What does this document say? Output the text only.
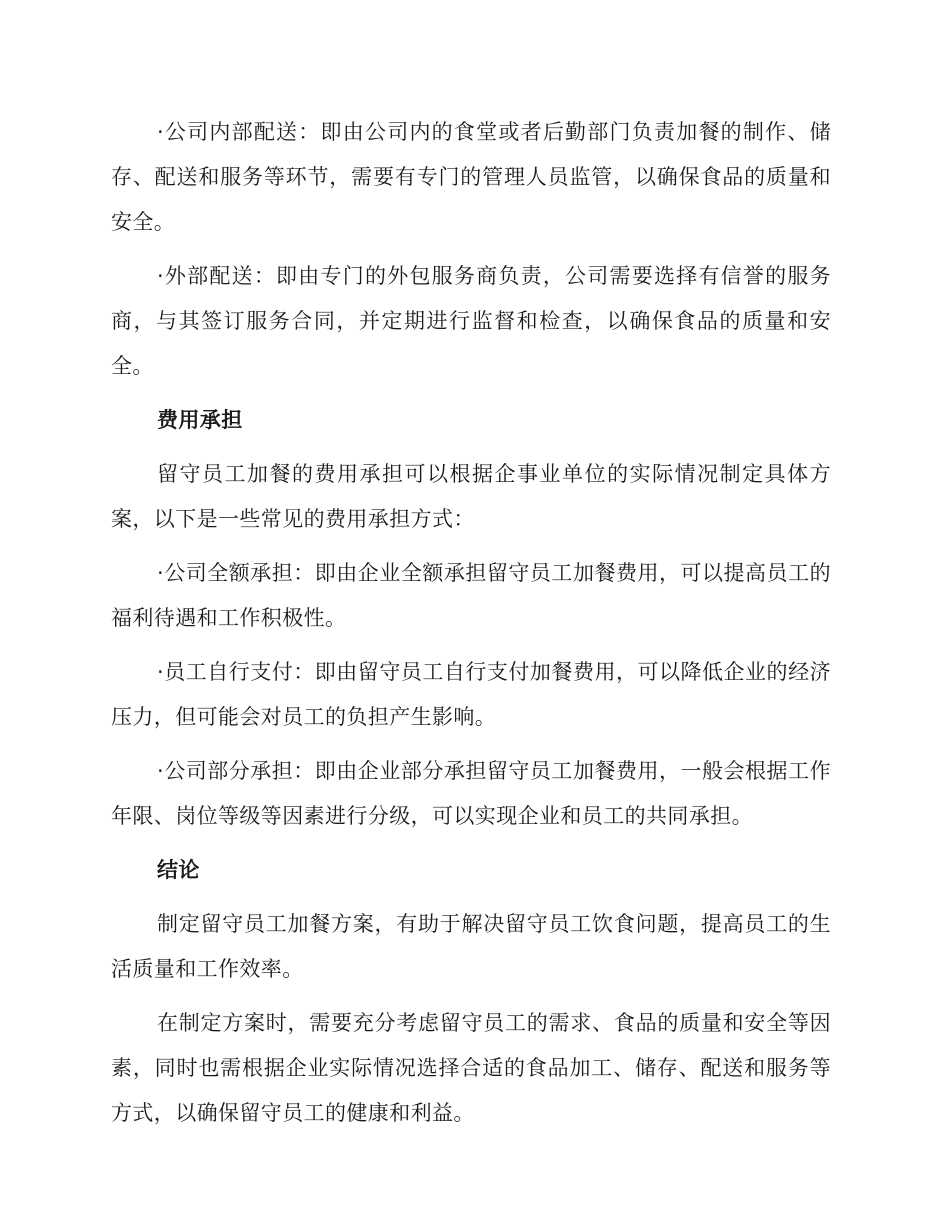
·公司内部配送：即由公司内的食堂或者后勤部门负责加餐的制作、储存、配送和服务等环节，需要有专门的管理人员监管，以确保食品的质量和安全。

·外部配送：即由专门的外包服务商负责，公司需要选择有信誉的服务商，与其签订服务合同，并定期进行监督和检查，以确保食品的质量和安全。

费用承担

留守员工加餐的费用承担可以根据企事业单位的实际情况制定具体方案，以下是一些常见的费用承担方式：

·公司全额承担：即由企业全额承担留守员工加餐费用，可以提高员工的福利待遇和工作积极性。

·员工自行支付：即由留守员工自行支付加餐费用，可以降低企业的经济压力，但可能会对员工的负担产生影响。

·公司部分承担：即由企业部分承担留守员工加餐费用，一般会根据工作年限、岗位等级等因素进行分级，可以实现企业和员工的共同承担。

结论

制定留守员工加餐方案，有助于解决留守员工饮食问题，提高员工的生活质量和工作效率。

在制定方案时，需要充分考虑留守员工的需求、食品的质量和安全等因素，同时也需根据企业实际情况选择合适的食品加工、储存、配送和服务等方式，以确保留守员工的健康和利益。
